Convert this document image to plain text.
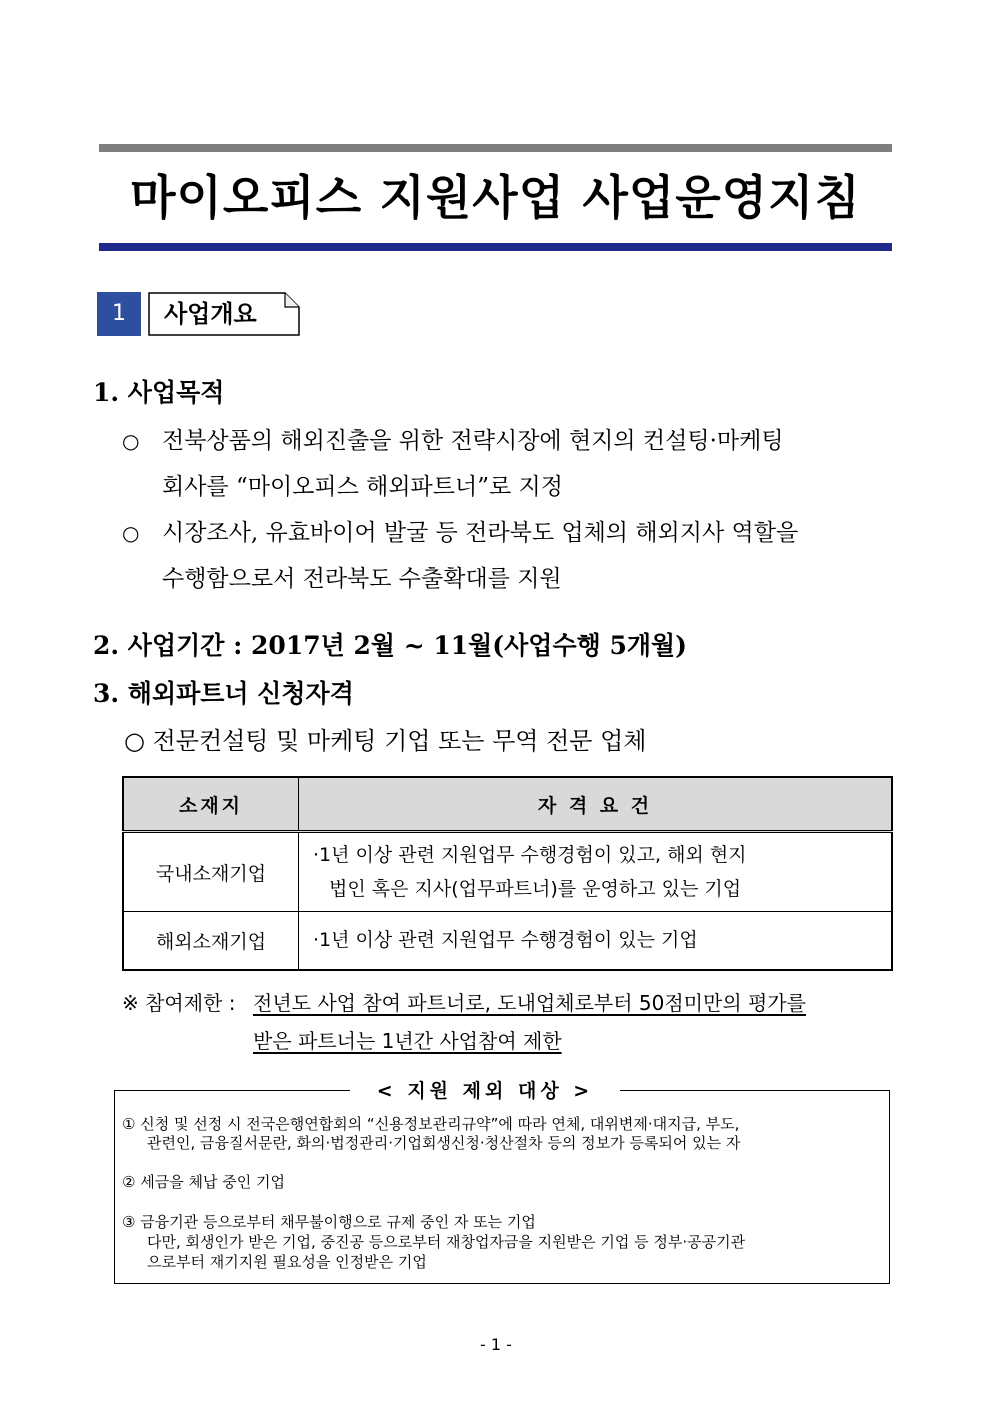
마이오피스 지원사업 사업운영지침
1	사업개요
1. 사업목적
○ 전북상품의 해외진출을 위한 전략시장에 현지의 컨설팅·마케팅
회사를 “마이오피스 해외파트너”로 지정
○ 시장조사, 유효바이어 발굴 등 전라북도 업체의 해외지사 역할을
수행함으로서 전라북도 수출확대를 지원
2. 사업기간 : 2017년 2월 ~ 11월(사업수행 5개월)
3. 해외파트너 신청자격
○ 전문컨설팅 및 마케팅 기업 또는 무역 전문 업체
소재지	자 격 요 건
국내소재기업	·1년 이상 관련 지원업무 수행경험이 있고, 해외 현지
법인 혹은 지사(업무파트너)를 운영하고 있는 기업

해외소재기업	·1년 이상 관련 지원업무 수행경험이 있는 기업
※ 참여제한 : 전년도 사업 참여 파트너로, 도내업체로부터 50점미만의 평가를
받은 파트너는 1년간 사업참여 제한
< 지원 제외 대상 >
① 신청 및 선정 시 전국은행연합회의 “신용정보관리규약”에 따라 연체, 대위변제·대지급, 부도,
관련인, 금융질서문란, 화의·법정관리·기업회생신청·청산절차 등의 정보가 등록되어 있는 자
② 세금을 체납 중인 기업
③ 금융기관 등으로부터 채무불이행으로 규제 중인 자 또는 기업
다만, 회생인가 받은 기업, 중진공 등으로부터 재창업자금을 지원받은 기업 등 정부·공공기관
으로부터 재기지원 필요성을 인정받은 기업
- 1 -
